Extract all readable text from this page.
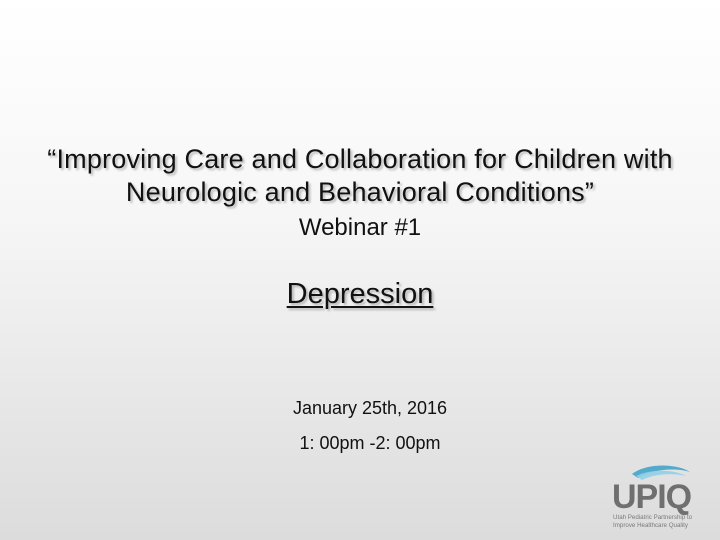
“Improving Care and Collaboration for Children with
Neurologic and Behavioral Conditions”
Webinar #1
Depression
January 25th, 2016
1: 00pm -2: 00pm
UPIQ
Utah Pediatric Partnership to
Improve Healthcare Quality
